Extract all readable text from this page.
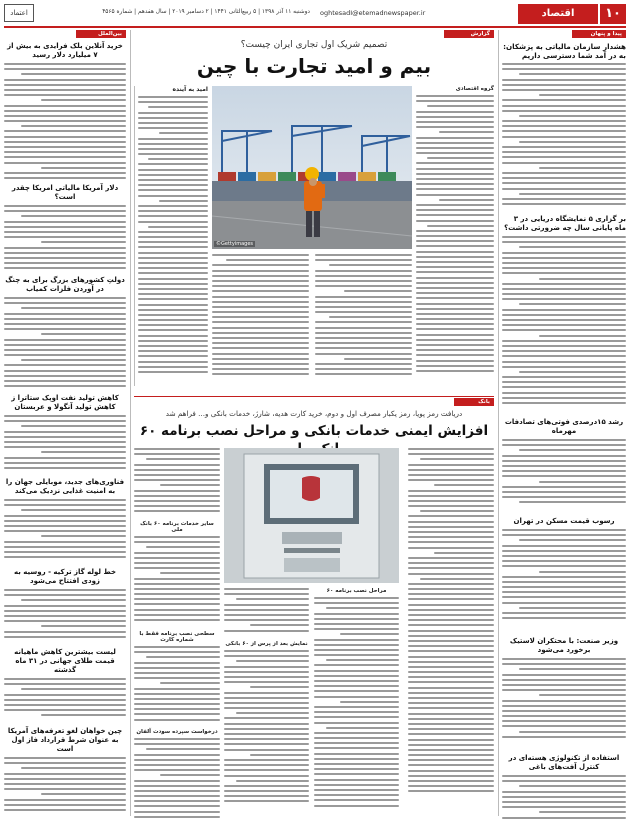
۱۰
اقتصاد
oghtesadI@etemadnewspaper.ir
دوشنبه ۱۱ آذر ۱۳۹۸ | ۵ ربیع‌الثانی ۱۴۴۱ | ۲ دسامبر ۲۰۱۹ | سال هفدهم | شماره ۴۵۶۵
اعتماد
پیدا و پنهان
هشدار سازمان مالیاتی به پزشکان: به در آمد شما دسترسی داریم
بر گزاری ۵ نمایشگاه دریایی در ۳ ماه پایانی سال چه ضرورتی داشت؟
رشد ۱۵درصدی فوتی‌های تصادفات مهرماه
رسوب قیمت مسکن در تهران
وزیر صنعت: با محتکران لاستیک برخورد می‌شود
استفاده از تکنولوژی هسته‌ای در کنترل آفت‌های باغی
گزارش
تصمیم شریک اول تجاری ایران چیست؟
بیم و امید تجارت با چین
©Gettyimages
امید به آینده	گروه اقتصادی
بانک
دریافت رمز پویا، رمز یکبار مصرف اول و دوم، خرید کارت هدیه، شارژ، خدمات بانکی و... فراهم شد
افزایش ایمنی خدمات بانکی و مراحل نصب برنامه ۶۰
سایر خدمات برنامه ۶۰ بانک ملی
سطحی نصب برنامه فقط با شماره کارت
درخواست سپرده سودت آلفان
مراحل نصب برنامه ۶۰
نمایش بعد از پرس از ۶۰ بانکی
بین‌الملل
خرید آنلاین بلک فرایدی به بیش از ۷ میلیارد دلار رسید
دلار آمریکا مالیاتی امریکا چقدر است؟
دولتِ کشورهای بزرگ برای به چنگ در آوردن فلزات کمیاب
کاهش تولید نفت اوپک ستاترا ز کاهش تولید آنگولا و عربستان
فناوری‌های جدید، موبایلی جهان را به امنیت غذایی نزدیک می‌کند
خط لوله گاز ترکیه - روسیه به زودی افتتاح می‌شود
لیست بیشترین کاهش ماهیانه قیمت طلای جهانی در ۳۱ ماه گذشته
چین خواهان لغو تعرفه‌های آمریکا به عنوان شرط قرارداد فاز اول است
